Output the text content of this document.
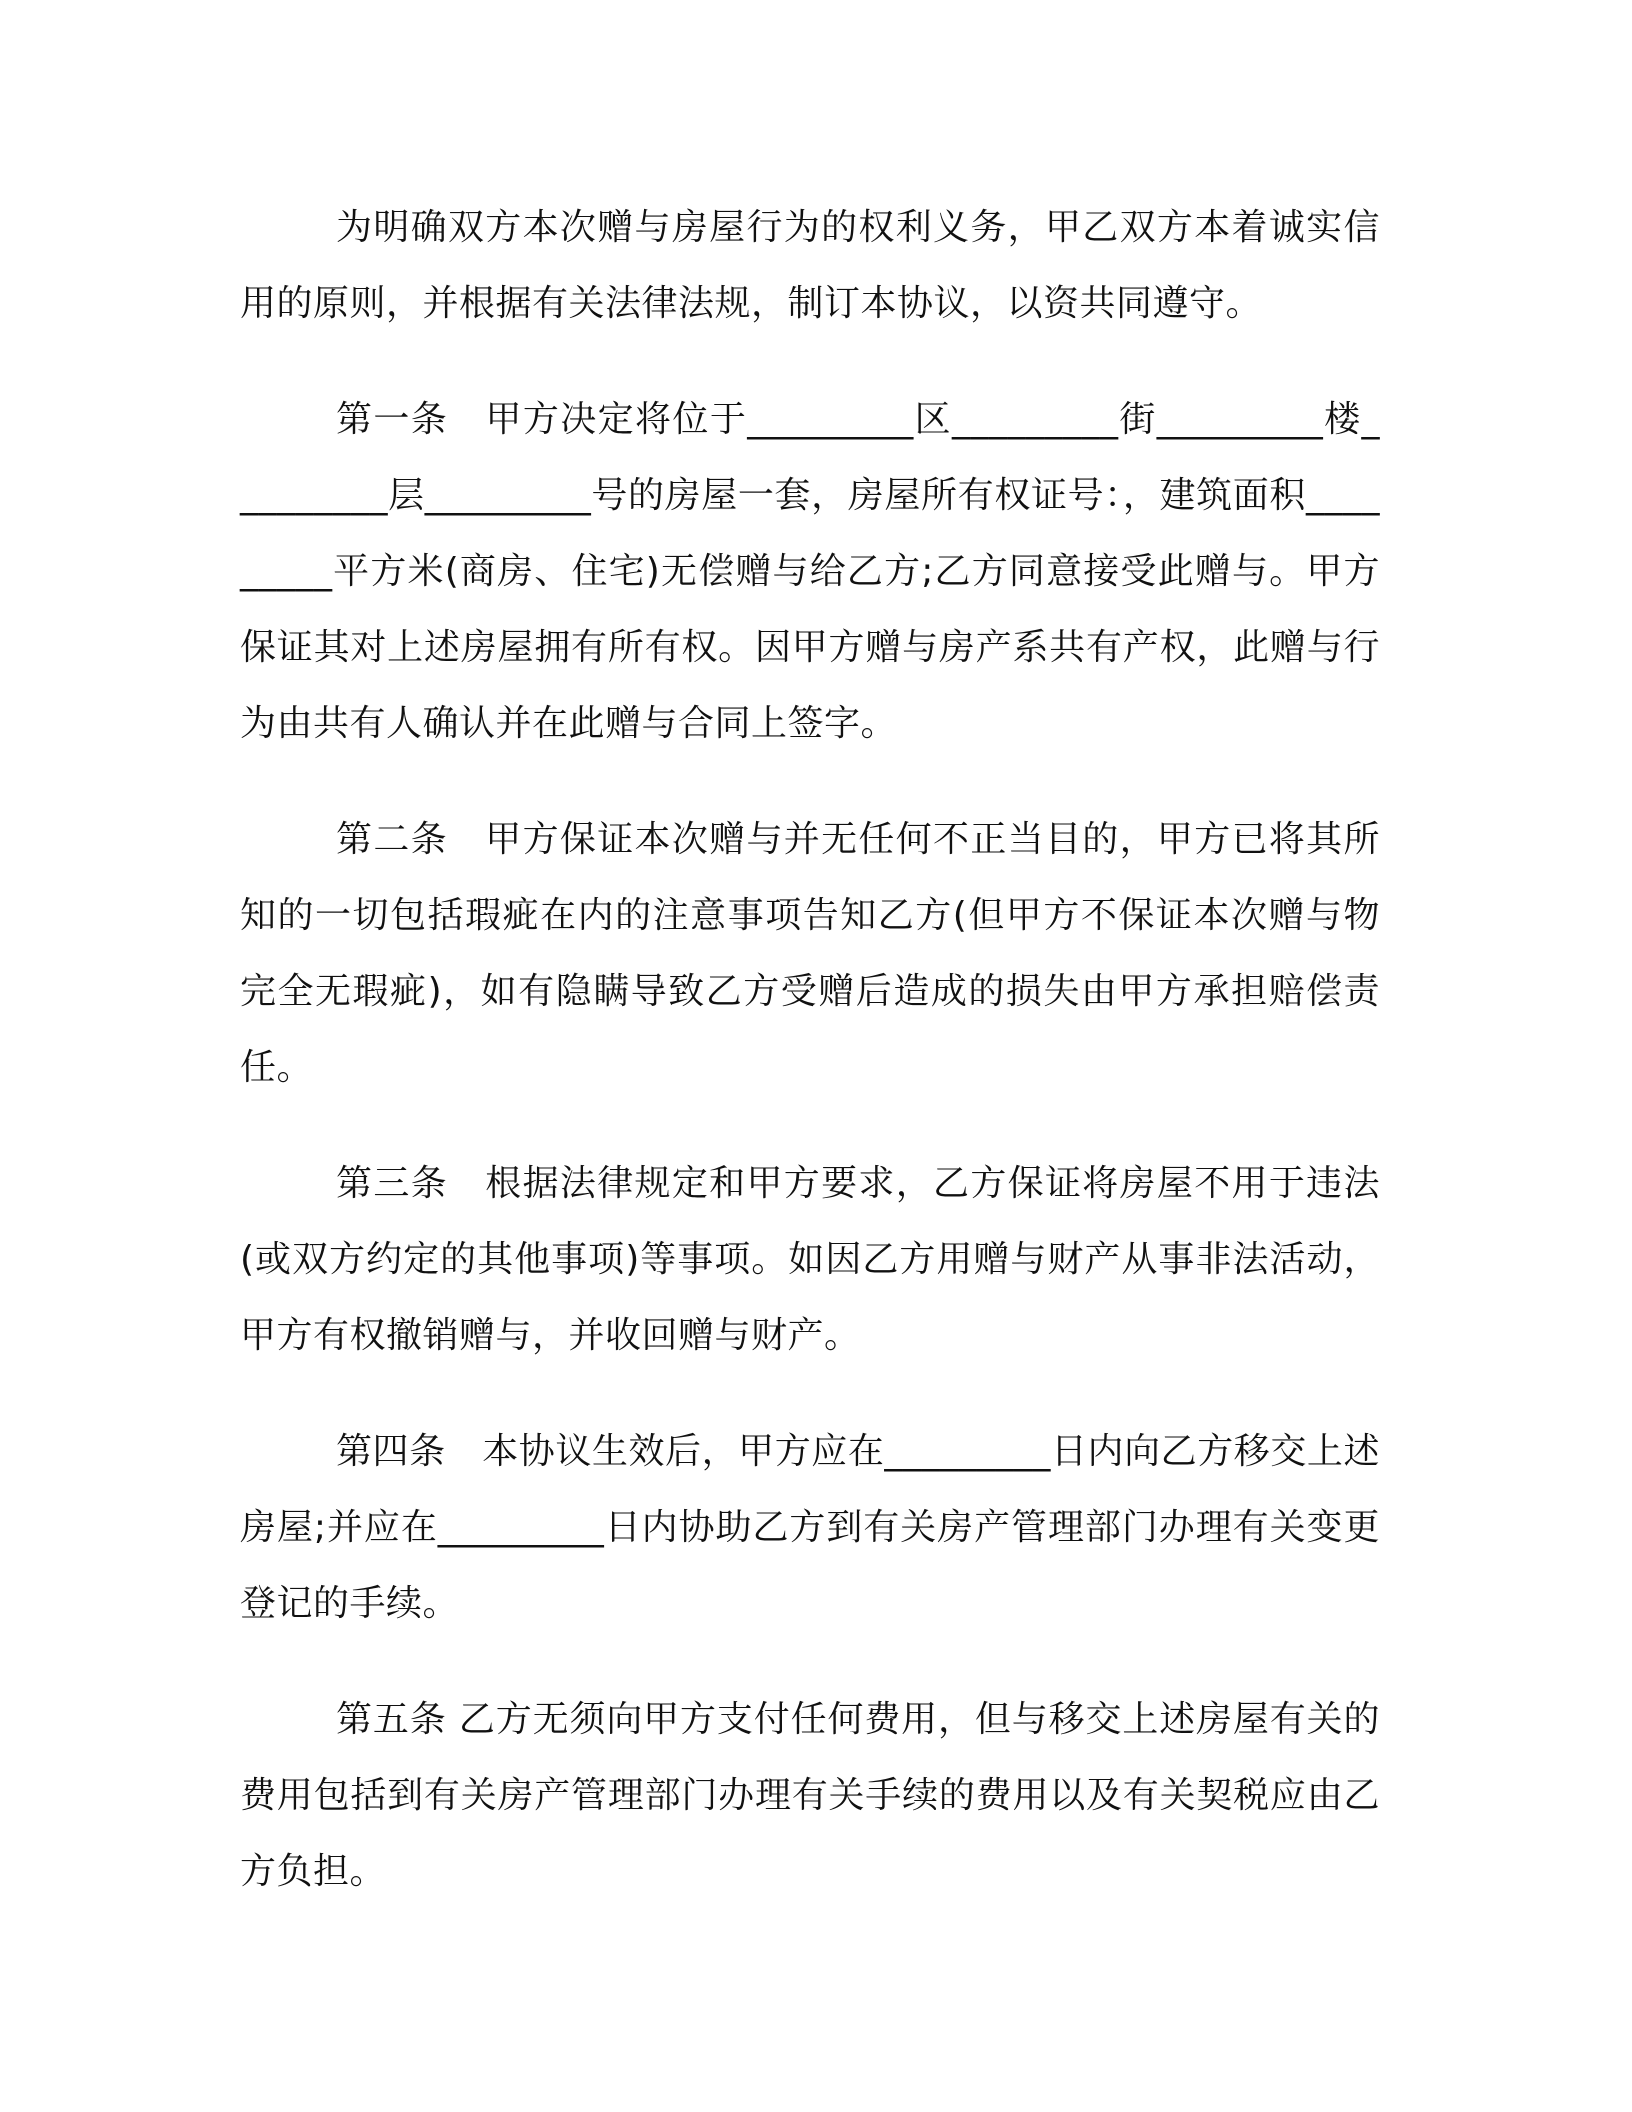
为明确双方本次赠与房屋行为的权利义务，甲乙双方本着诚实信用的原则，并根据有关法律法规，制订本协议，以资共同遵守。

第一条　甲方决定将位于_________区_________街_________楼_________层_________号的房屋一套，房屋所有权证号：，建筑面积_________平方米(商房、住宅)无偿赠与给乙方;乙方同意接受此赠与。甲方保证其对上述房屋拥有所有权。因甲方赠与房产系共有产权，此赠与行为由共有人确认并在此赠与合同上签字。

第二条　甲方保证本次赠与并无任何不正当目的，甲方已将其所知的一切包括瑕疵在内的注意事项告知乙方(但甲方不保证本次赠与物完全无瑕疵)，如有隐瞒导致乙方受赠后造成的损失由甲方承担赔偿责任。

第三条　根据法律规定和甲方要求，乙方保证将房屋不用于违法(或双方约定的其他事项)等事项。如因乙方用赠与财产从事非法活动，甲方有权撤销赠与，并收回赠与财产。

第四条　本协议生效后，甲方应在_________日内向乙方移交上述房屋;并应在_________日内协助乙方到有关房产管理部门办理有关变更登记的手续。

第五条 乙方无须向甲方支付任何费用，但与移交上述房屋有关的费用包括到有关房产管理部门办理有关手续的费用以及有关契税应由乙方负担。
